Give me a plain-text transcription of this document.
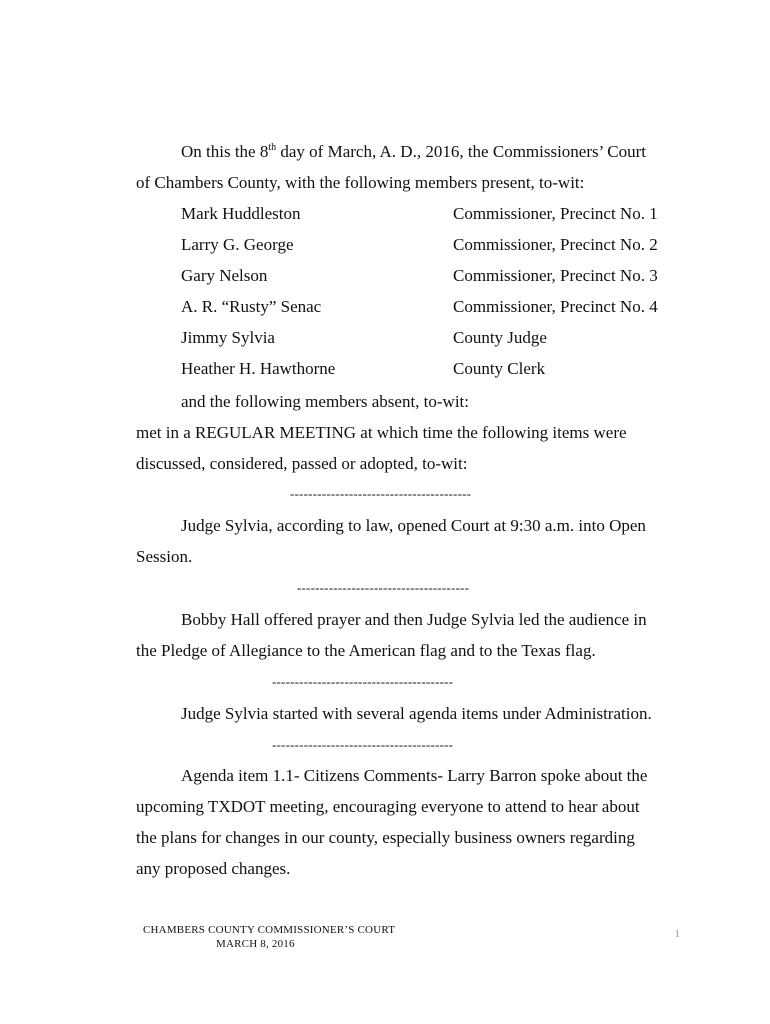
On this the 8th day of March, A. D., 2016, the Commissioners’ Court
of Chambers County, with the following members present, to-wit:
Mark Huddleston	Commissioner, Precinct No. 1
Larry G. George	Commissioner, Precinct No. 2
Gary Nelson	Commissioner, Precinct No. 3
A. R. “Rusty” Senac	Commissioner, Precinct No. 4
Jimmy Sylvia	County Judge
Heather H. Hawthorne	County Clerk
and the following members absent, to-wit:
met in a REGULAR MEETING at which time the following items were
discussed, considered, passed or adopted, to-wit:
----------------------------------------
Judge Sylvia, according to law, opened Court at 9:30 a.m. into Open
Session.
--------------------------------------
Bobby Hall offered prayer and then Judge Sylvia led the audience in
the Pledge of Allegiance to the American flag and to the Texas flag.
----------------------------------------
Judge Sylvia started with several agenda items under Administration.
----------------------------------------
Agenda item 1.1- Citizens Comments- Larry Barron spoke about the
upcoming TXDOT meeting, encouraging everyone to attend to hear about
the plans for changes in our county, especially business owners regarding
any proposed changes.
CHAMBERS COUNTY COMMISSIONER’S COURT
MARCH 8, 2016
1
